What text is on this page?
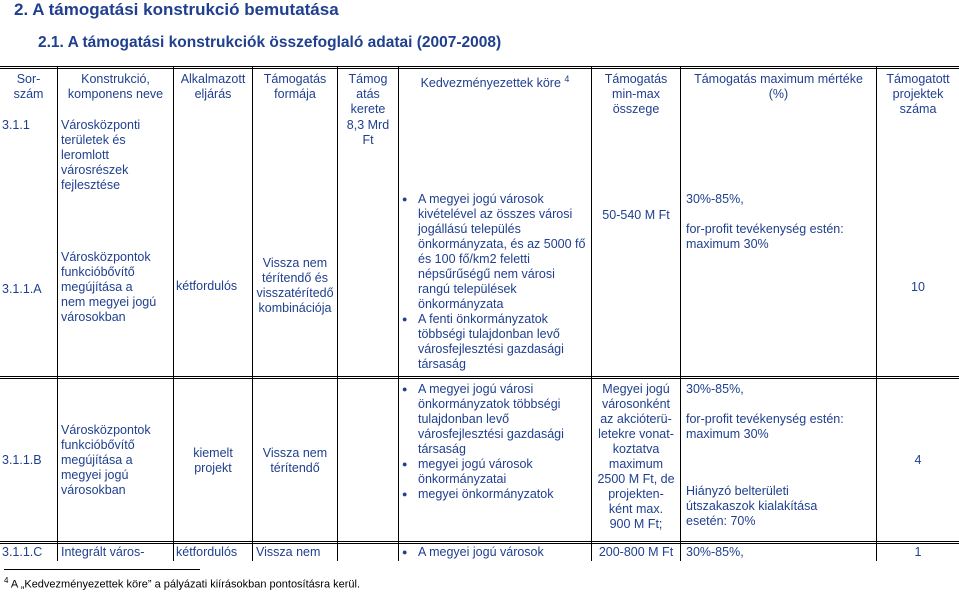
2. A támogatási konstrukció bemutatása
2.1. A támogatási konstrukciók összefoglaló adatai (2007-2008)
Sor-
szám
Konstrukció,
komponens neve
Alkalmazott
eljárás
Támogatás
formája
Támog
atás
kerete
Kedvezményezettek köre $^4$	Támogatás
min-max
összege
Támogatás maximum mértéke
(%)
Támogatott
projektek
száma
3.1.1 Városközponti
területek és
leromlott
városrészek
fejlesztése
8,3 Mrd
Ft
3.1.1.A
Városközpontok
funkcióbővítő
megújítása a
nem megyei jogú
városokban
kétfordulós
Vissza nem
térítendő és
visszatérítedő
kombinációja
● A megyei jogú városok kivételével az összes városi jogállású település önkormányzata, és az 5000 fő és 100 fő/km2 feletti népsűrűségű nem városi rangú települések önkormányzata
● A fenti önkormányzatok többségi tulajdonban levő városfejlesztési gazdasági társaság
50-540 M Ft
30%-85%,
for-profit tevékenység estén:
maximum 30%
10
3.1.1.B
Városközpontok
funkcióbővítő
megújítása a
megyei jogú
városokban
kiemelt
projekt
Vissza nem
térítendő
● A megyei jogú városi önkormányzatok többségi tulajdonban levő városfejlesztési gazdasági társaság
● megyei jogú városok önkormányzatai
● megyei önkormányzatok
Megyei jogú
városonként
az akcióterü-
letekre vonat-
koztatva
maximum
2500 M Ft, de
projekten-
ként max.
900 M Ft;
30%-85%,
for-profit tevékenység estén:
maximum 30%
Hiányzó belterületi
útszakaszok kialakítása
esetén: 70%
4
3.1.1.C Integrált város-	kétfordulós Vissza nem
●	A megyei jogú városok	200-800 M Ft	30%-85%,	1
$^4$ A „Kedvezményezettek köre” a pályázati kiírásokban pontosításra kerül.
